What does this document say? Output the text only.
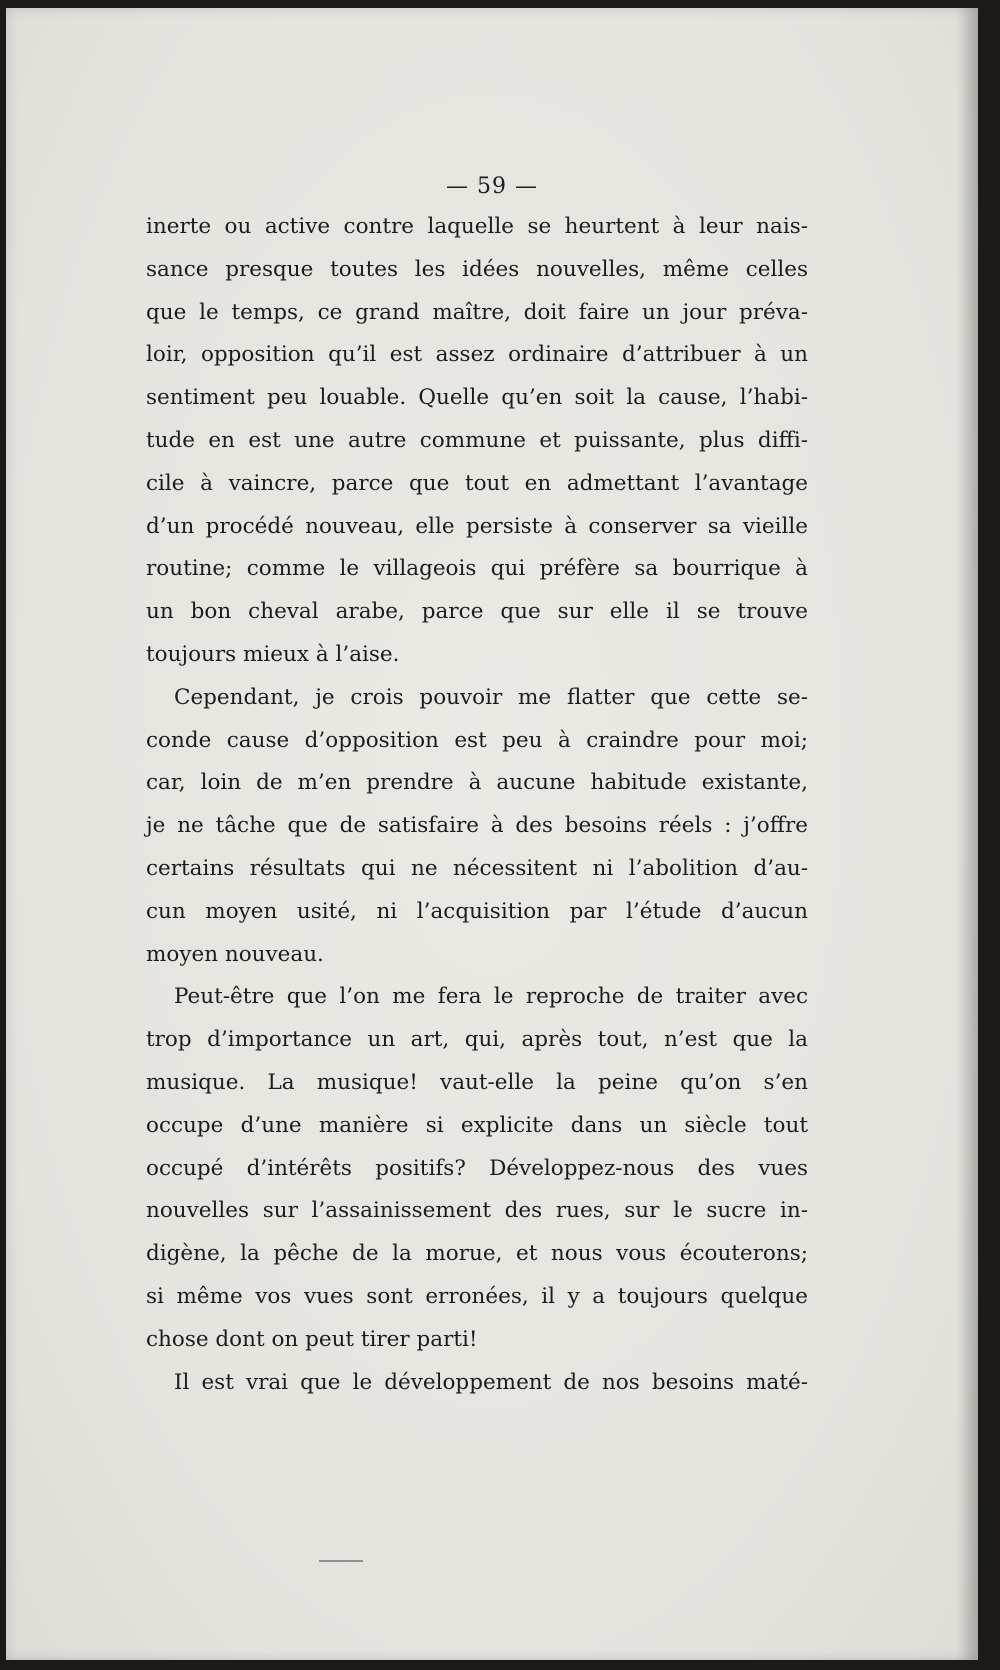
— 59 —
inerte ou active contre laquelle se heurtent à leur nais-
sance presque toutes les idées nouvelles, même celles
que le temps, ce grand maître, doit faire un jour préva-
loir, opposition qu’il est assez ordinaire d’attribuer à un
sentiment peu louable. Quelle qu’en soit la cause, l’habi-
tude en est une autre commune et puissante, plus diffi-
cile à vaincre, parce que tout en admettant l’avantage
d’un procédé nouveau, elle persiste à conserver sa vieille
routine; comme le villageois qui préfère sa bourrique à
un bon cheval arabe, parce que sur elle il se trouve
toujours mieux à l’aise.
Cependant, je crois pouvoir me flatter que cette se-
conde cause d’opposition est peu à craindre pour moi;
car, loin de m’en prendre à aucune habitude existante,
je ne tâche que de satisfaire à des besoins réels : j’offre
certains résultats qui ne nécessitent ni l’abolition d’au-
cun moyen usité, ni l’acquisition par l’étude d’aucun
moyen nouveau.
Peut-être que l’on me fera le reproche de traiter avec
trop d’importance un art, qui, après tout, n’est que la
musique. La musique! vaut-elle la peine qu’on s’en
occupe d’une manière si explicite dans un siècle tout
occupé d’intérêts positifs? Développez-nous des vues
nouvelles sur l’assainissement des rues, sur le sucre in-
digène, la pêche de la morue, et nous vous écouterons;
si même vos vues sont erronées, il y a toujours quelque
chose dont on peut tirer parti!
Il est vrai que le développement de nos besoins maté-
